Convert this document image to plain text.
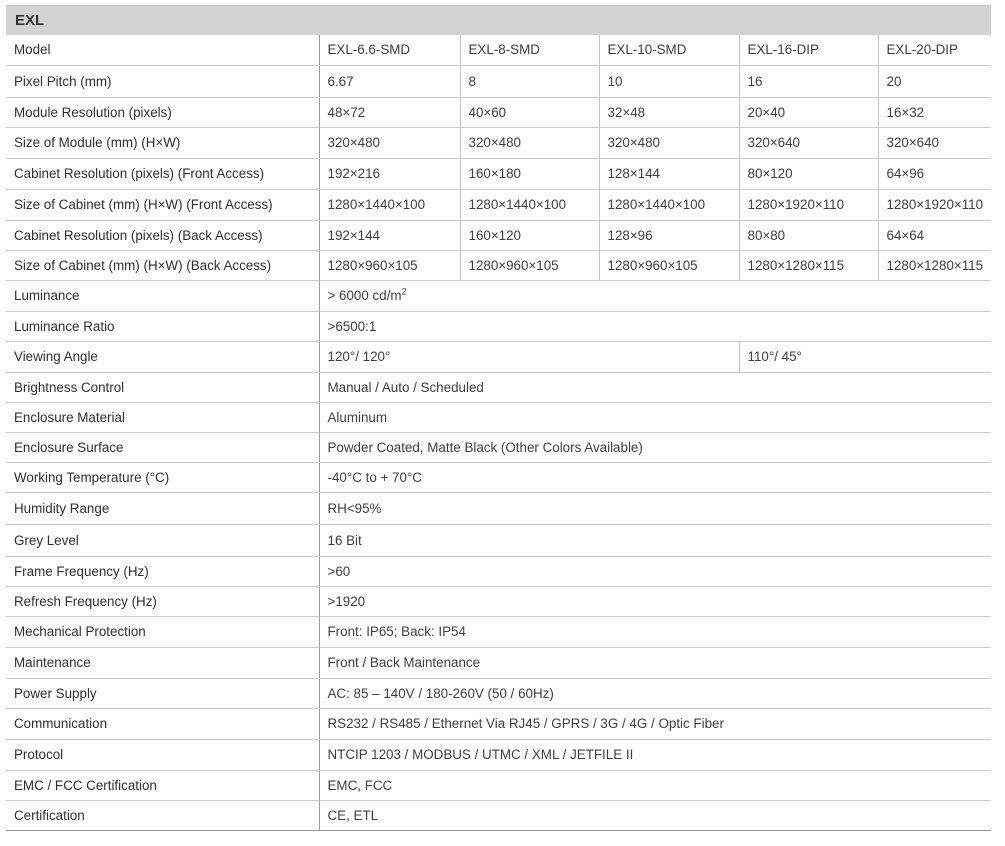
EXL
Model	EXL-6.6-SMD	EXL-8-SMD	EXL-10-SMD	EXL-16-DIP	EXL-20-DIP
Pixel Pitch (mm)	6.67	8	10	16	20
Module Resolution (pixels)	48×72	40×60	32×48	20×40	16×32
Size of Module (mm) (H×W)	320×480	320×480	320×480	320×640	320×640
Cabinet Resolution (pixels) (Front Access)	192×216	160×180	128×144	80×120	64×96
Size of Cabinet (mm) (H×W) (Front Access)	1280×1440×100	1280×1440×100	1280×1440×100	1280×1920×110	1280×1920×110
Cabinet Resolution (pixels) (Back Access)	192×144	160×120	128×96	80×80	64×64
Size of Cabinet (mm) (H×W) (Back Access)	1280×960×105	1280×960×105	1280×960×105	1280×1280×115	1280×1280×115
Luminance	> 6000 $cd/m^2$
Luminance Ratio	>6500:1				
Viewing Angle	120°/ 120°			110°/ 45°	
Brightness Control	Manual / Auto / Scheduled				
Enclosure Material	Aluminum				
Enclosure Surface	Powder Coated, Matte Black (Other Colors Available)				
Working Temperature (°C)	-40°C to + 70°C				
Humidity Range	RH<95%				
Grey Level	16 Bit				
Frame Frequency (Hz)	>60				
Refresh Frequency (Hz)	>1920				
Mechanical Protection	Front: IP65; Back: IP54				
Maintenance	Front / Back Maintenance				
Power Supply	AC: 85 – 140V / 180-260V (50 / 60Hz)				
Communication	RS232 / RS485 / Ethernet Via RJ45 / GPRS / 3G / 4G / Optic Fiber				
Protocol	NTCIP 1203 / MODBUS / UTMC / XML / JETFILE II				
EMC / FCC Certification	EMC, FCC				
Certification	CE, ETL				
